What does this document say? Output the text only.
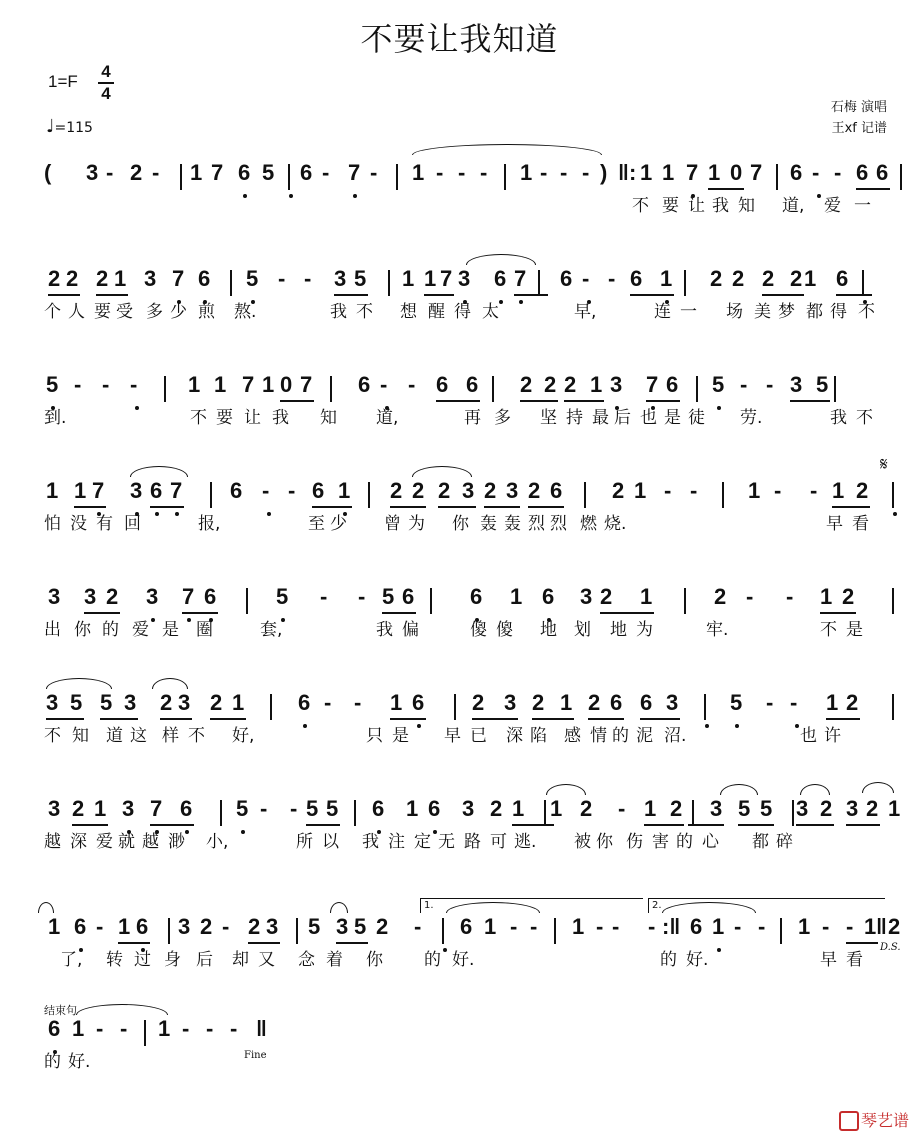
不要让我知道
1=F
4
4
♩=115
石梅 演唱
王xf 记谱
( 3 - 2 - 1 7 6 5 6 - 7 - 1 - - - 1 - - - ) ‖: 1 1 7 1 0 7 6 - - 6 6
不 要 让 我 知 道, 爱 一
2 2 2 1 3 7 6 5 - - 3 5 1 1 7 3 6 7 6 - - 6 1 2 2 2 2 1 6
个 人 要 受 多 少 煎 熬.	我 不 想 醒 得 太	早,	连 一 场 美 梦 都 得 不
5 - - - 1 1 7 1 0 7 6 - - 6 6 2 2 2 1 3 7 6 5 - - 3 5
到.	不 要 让 我 知 道,	再 多 坚 持 最 后 也 是 徒 劳.	我 不
1 1 7 3 6 7 6 - - 6 1 2 2 2 3 2 3 2 6 2 1 - - 1 - - 1 2
怕 没 有 回	报,	至 少 曾 为 你 轰 轰 烈 烈 燃 烧.	早 看
𝄋
3 3 2 3 7 6	5 - - 5 6	6 1 6 3 2 1	2 - - 1 2
出 你 的 爱 是 圈	套,	我 偏	傻 傻 地 划 地 为	牢.	不 是
3 5 5 3 2 3 2 1 6 - - 1 6 2 3 2 1 2 6 6 3 5 - - 1 2
不 知 道 这 样 不 好,	只 是 早 已 深 陷 感 情 的 泥 沼.	也 许
3 2 1 3 7 6 5 - - 5 5 6 1 6 3 2 1 1 2 - 1 2 3 5 5 3 2 3 2 1
越 深 爱 就 越 渺 小,	所 以 我 注 定 无 路 可 逃. 被 你 伤 害 的 心 都 碎
1 6 - 1 6 3 2 - 2 3 5 3 5 2 - 6 1 - - 1 - - - :‖ 6 1 - - 1 - - 1 2
‖
了, 转 过 身 后 却 又 念 着 你 的 好.	的 好.	早 看
1.	2.
D.S.
6 1 - - 1 - - - ‖
的 好.
结束句
Fine
琴艺谱
